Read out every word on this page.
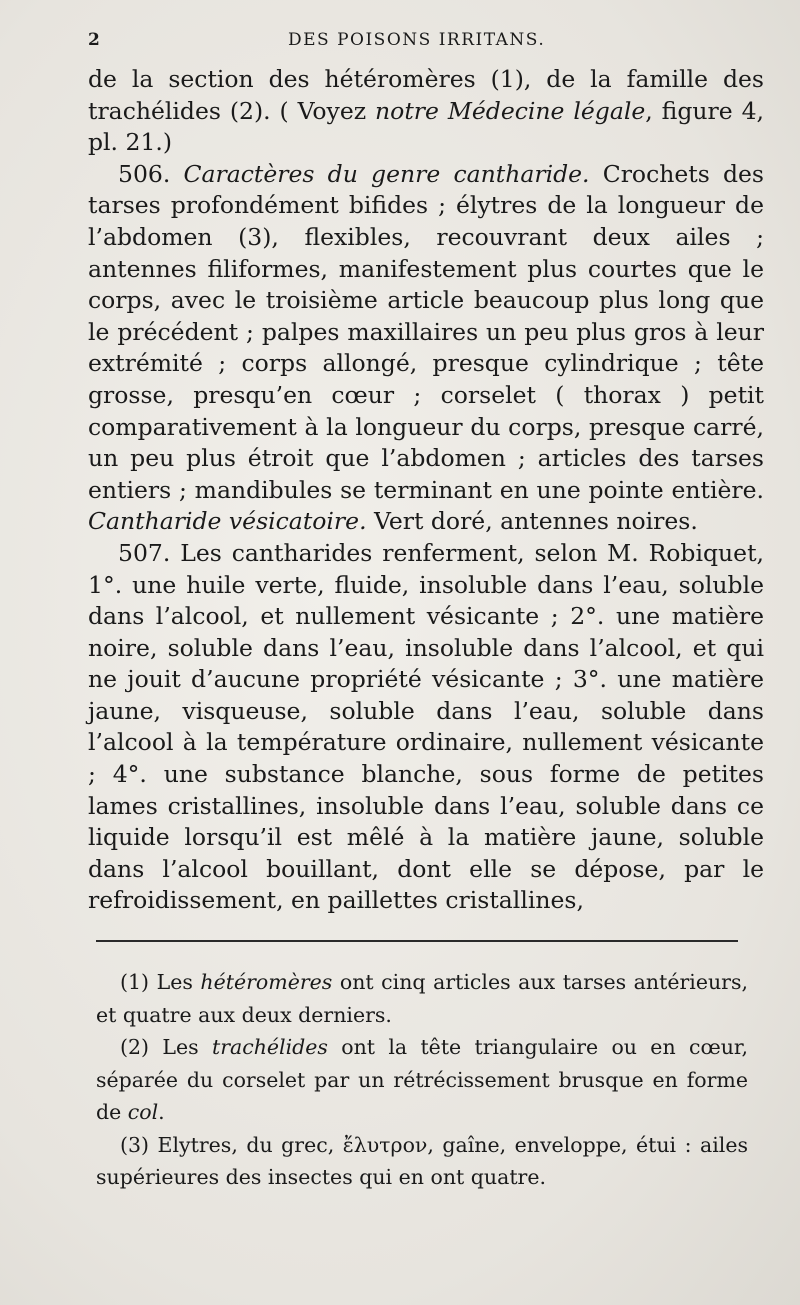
2	DES POISONS IRRITANS.

de la section des hétéromères (1), de la famille des trachélides (2). ( Voyez notre Médecine légale, figure 4, pl. 21.)

506. Caractères du genre cantharide. Crochets des tarses profondément bifides ; élytres de la longueur de l’abdomen (3), flexibles, recouvrant deux ailes ; antennes filiformes, manifestement plus courtes que le corps, avec le troisième article beaucoup plus long que le précédent ; palpes maxillaires un peu plus gros à leur extrémité ; corps allongé, presque cylindrique ; tête grosse, presqu’en cœur ; corselet ( thorax ) petit comparativement à la longueur du corps, presque carré, un peu plus étroit que l’abdomen ; articles des tarses entiers ; mandibules se terminant en une pointe entière. Cantharide vésicatoire. Vert doré, antennes noires.

507. Les cantharides renferment, selon M. Robiquet, 1°. une huile verte, fluide, insoluble dans l’eau, soluble dans l’alcool, et nullement vésicante ; 2°. une matière noire, soluble dans l’eau, insoluble dans l’alcool, et qui ne jouit d’aucune propriété vésicante ; 3°. une matière jaune, visqueuse, soluble dans l’eau, soluble dans l’alcool à la température ordinaire, nullement vésicante ; 4°. une substance blanche, sous forme de petites lames cristallines, insoluble dans l’eau, soluble dans ce liquide lorsqu’il est mêlé à la matière jaune, soluble dans l’alcool bouillant, dont elle se dépose, par le refroidissement, en paillettes cristallines,

(1) Les hétéromères ont cinq articles aux tarses antérieurs, et quatre aux deux derniers.

(2) Les trachélides ont la tête triangulaire ou en cœur, séparée du corselet par un rétrécissement brusque en forme de col.

(3) Elytres, du grec, ἔλυτρον, gaîne, enveloppe, étui : ailes supérieures des insectes qui en ont quatre.
